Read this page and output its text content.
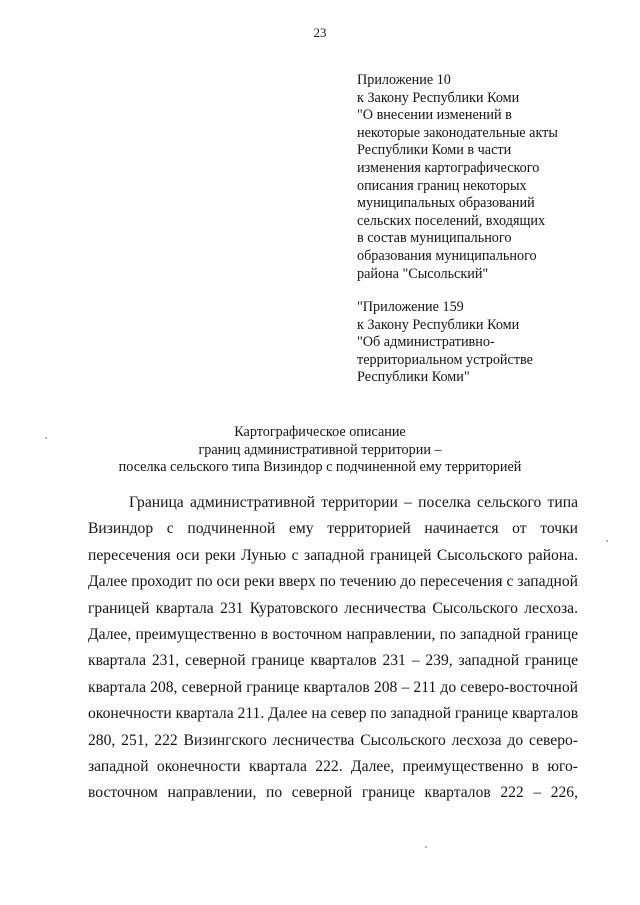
23
Приложение 10
к Закону Республики Коми
"О внесении изменений в
некоторые законодательные акты
Республики Коми в части
изменения картографического
описания границ некоторых
муниципальных образований
сельских поселений, входящих
в состав муниципального
образования муниципального
района "Сысольский"
"Приложение 159
к Закону Республики Коми
"Об административно-
территориальном устройстве
Республики Коми"
Картографическое описание
границ административной территории –
поселка сельского типа Визиндор с подчиненной ему территорией
Граница административной территории – поселка сельского типа
Визиндор с подчиненной ему территорией начинается от точки
пересечения оси реки Лунью с западной границей Сысольского района.
Далее проходит по оси реки вверх по течению до пересечения с западной
границей квартала 231 Куратовского лесничества Сысольского лесхоза.
Далее, преимущественно в восточном направлении, по западной границе
квартала 231, северной границе кварталов 231 – 239, западной границе
квартала 208, северной границе кварталов 208 – 211 до северо-восточной
оконечности квартала 211. Далее на север по западной границе кварталов
280, 251, 222 Визингского лесничества Сысольского лесхоза до северо-
западной оконечности квартала 222. Далее, преимущественно в юго-
восточном направлении, по северной границе кварталов 222 – 226,
